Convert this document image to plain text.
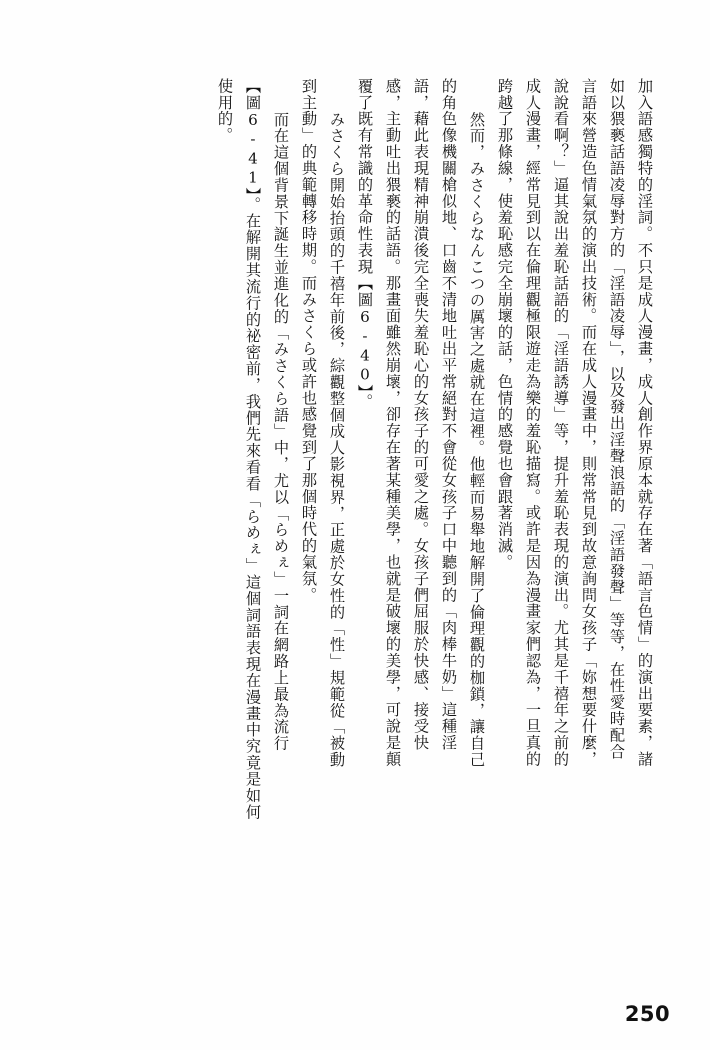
加入語感獨特的淫詞。不只是成人漫畫，成人創作界原本就存在著「語言色情」的演出要素，諸
如以猥褻話語凌辱對方的「淫語凌辱」，以及發出淫聲浪語的「淫語發聲」等等，在性愛時配合
言語來營造色情氣氛的演出技術。而在成人漫畫中，則常常見到故意詢問女孩子「妳想要什麼，
說說看啊？」逼其說出羞恥話語的「淫語誘導」等，提升羞恥表現的演出。尤其是千禧年之前的
成人漫畫，經常見到以在倫理觀極限遊走為樂的羞恥描寫。或許是因為漫畫家們認為，一旦真的
跨越了那條線，使羞恥感完全崩壞的話，色情的感覺也會跟著消滅。
　然而，みさくらなんこつの厲害之處就在這裡。他輕而易舉地解開了倫理觀的枷鎖，讓自己
的角色像機關槍似地、口齒不清地吐出平常絕對不會從女孩子口中聽到的「肉棒牛奶」這種淫
語，藉此表現精神崩潰後完全喪失羞恥心的女孩子的可愛之處。女孩子們屈服於快感、接受快
感，主動吐出猥褻的話語。那畫面雖然崩壞，卻存在著某種美學，也就是破壞的美學，可說是顛
覆了既有常識的革命性表現【圖6-40】。
　みさくら開始抬頭的千禧年前後，綜觀整個成人影視界，正處於女性的「性」規範從「被動
到主動」的典範轉移時期。而みさくら或許也感覺到了那個時代的氣氛。
　而在這個背景下誕生並進化的「みさくら語」中，尤以「らめぇ」一詞在網路上最為流行
【圖6-41】。在解開其流行的祕密前，我們先來看看「らめぇ」這個詞語表現在漫畫中究竟是如何
使用的。
250
